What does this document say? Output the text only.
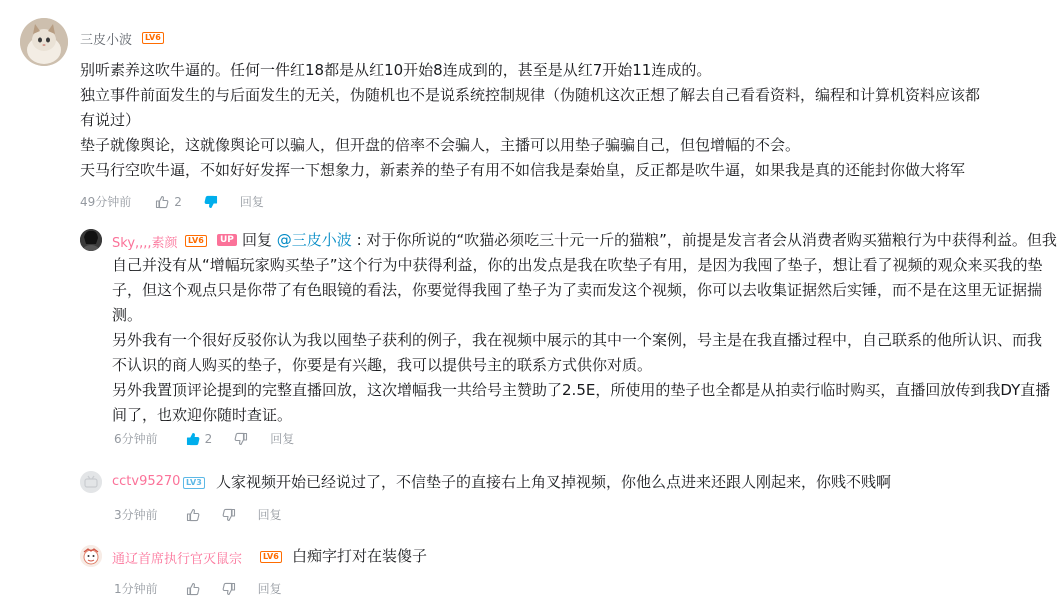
三皮小波	LV6
别听素养这吹牛逼的。任何一件红18都是从红10开始8连成到的，甚至是从红7开始11连成的。
独立事件前面发生的与后面发生的无关，伪随机也不是说系统控制规律（伪随机这次正想了解去自己看看资料，编程和计算机资料应该都
有说过）
垫子就像舆论，这就像舆论可以骗人，但开盘的倍率不会骗人，主播可以用垫子骗骗自己，但包增幅的不会。
天马行空吹牛逼，不如好好发挥一下想象力，新素养的垫子有用不如信我是秦始皇，反正都是吹牛逼，如果我是真的还能封你做大将军
49分钟前	2	回复
Sky,,,,素颜	LV6	UP 回复 @三皮小波 : 对于你所说的“吹猫必须吃三十元一斤的猫粮”，前提是发言者会从消费者购买猫粮行为中获得利益。但我
自己并没有从“增幅玩家购买垫子”这个行为中获得利益，你的出发点是我在吹垫子有用，是因为我囤了垫子，想让看了视频的观众来买我的垫
子，但这个观点只是你带了有色眼镜的看法，你要觉得我囤了垫子为了卖而发这个视频，你可以去收集证据然后实锤，而不是在这里无证据揣
测。
另外我有一个很好反驳你认为我以囤垫子获利的例子，我在视频中展示的其中一个案例，号主是在我直播过程中，自己联系的他所认识、而我
不认识的商人购买的垫子，你要是有兴趣，我可以提供号主的联系方式供你对质。
另外我置顶评论提到的完整直播回放，这次增幅我一共给号主赞助了2.5E，所使用的垫子也全都是从拍卖行临时购买，直播回放传到我DY直播
间了，也欢迎你随时查证。
6分钟前	2	回复
cctv95270 LV3 人家视频开始已经说过了，不信垫子的直接右上角叉掉视频，你他么点进来还跟人刚起来，你贱不贱啊
3分钟前	回复
通辽首席执行官灭鼠宗	LV6 白痴字打对在装傻子
1分钟前	回复
